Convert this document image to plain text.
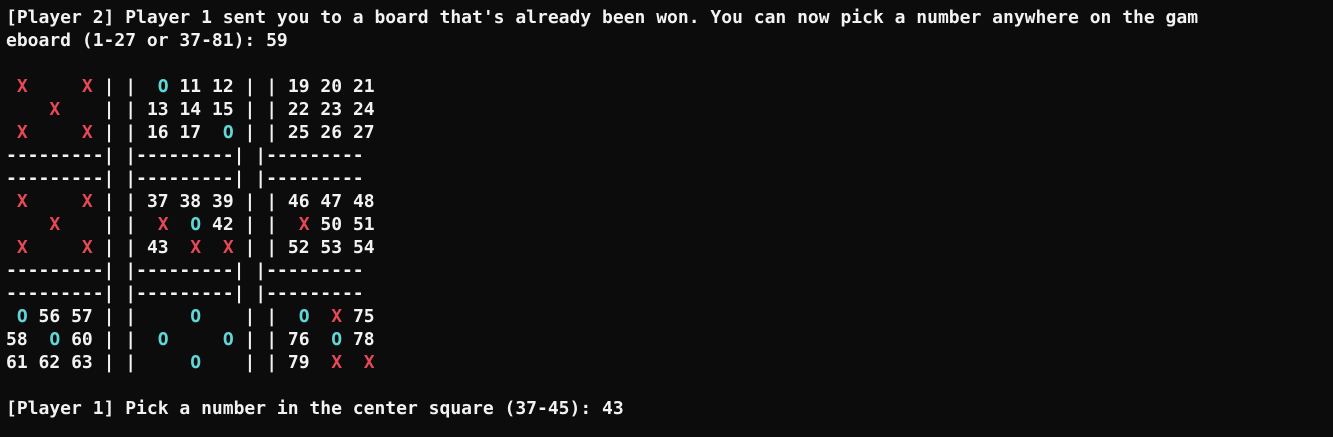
[Player 2] Player 1 sent you to a board that's already been won. You can now pick a number anywhere on the gam
eboard (1-27 or 37-81): 59

X     X | |  O 11 12 | | 19 20 21
X    | | 13 14 15 | | 22 23 24
X     X | | 16 17  O | | 25 26 27
---------| |---------| |---------
---------| |---------| |---------
X     X | | 37 38 39 | | 46 47 48
X    | |  X  O 42 | |  X 50 51
X     X | | 43  X  X | | 52 53 54
---------| |---------| |---------
---------| |---------| |---------
O 56 57 | |     O    | |  O  X 75
58  O 60 | |  O     O | | 76  O 78
61 62 63 | |     O    | | 79  X  X

[Player 1] Pick a number in the center square (37-45): 43
